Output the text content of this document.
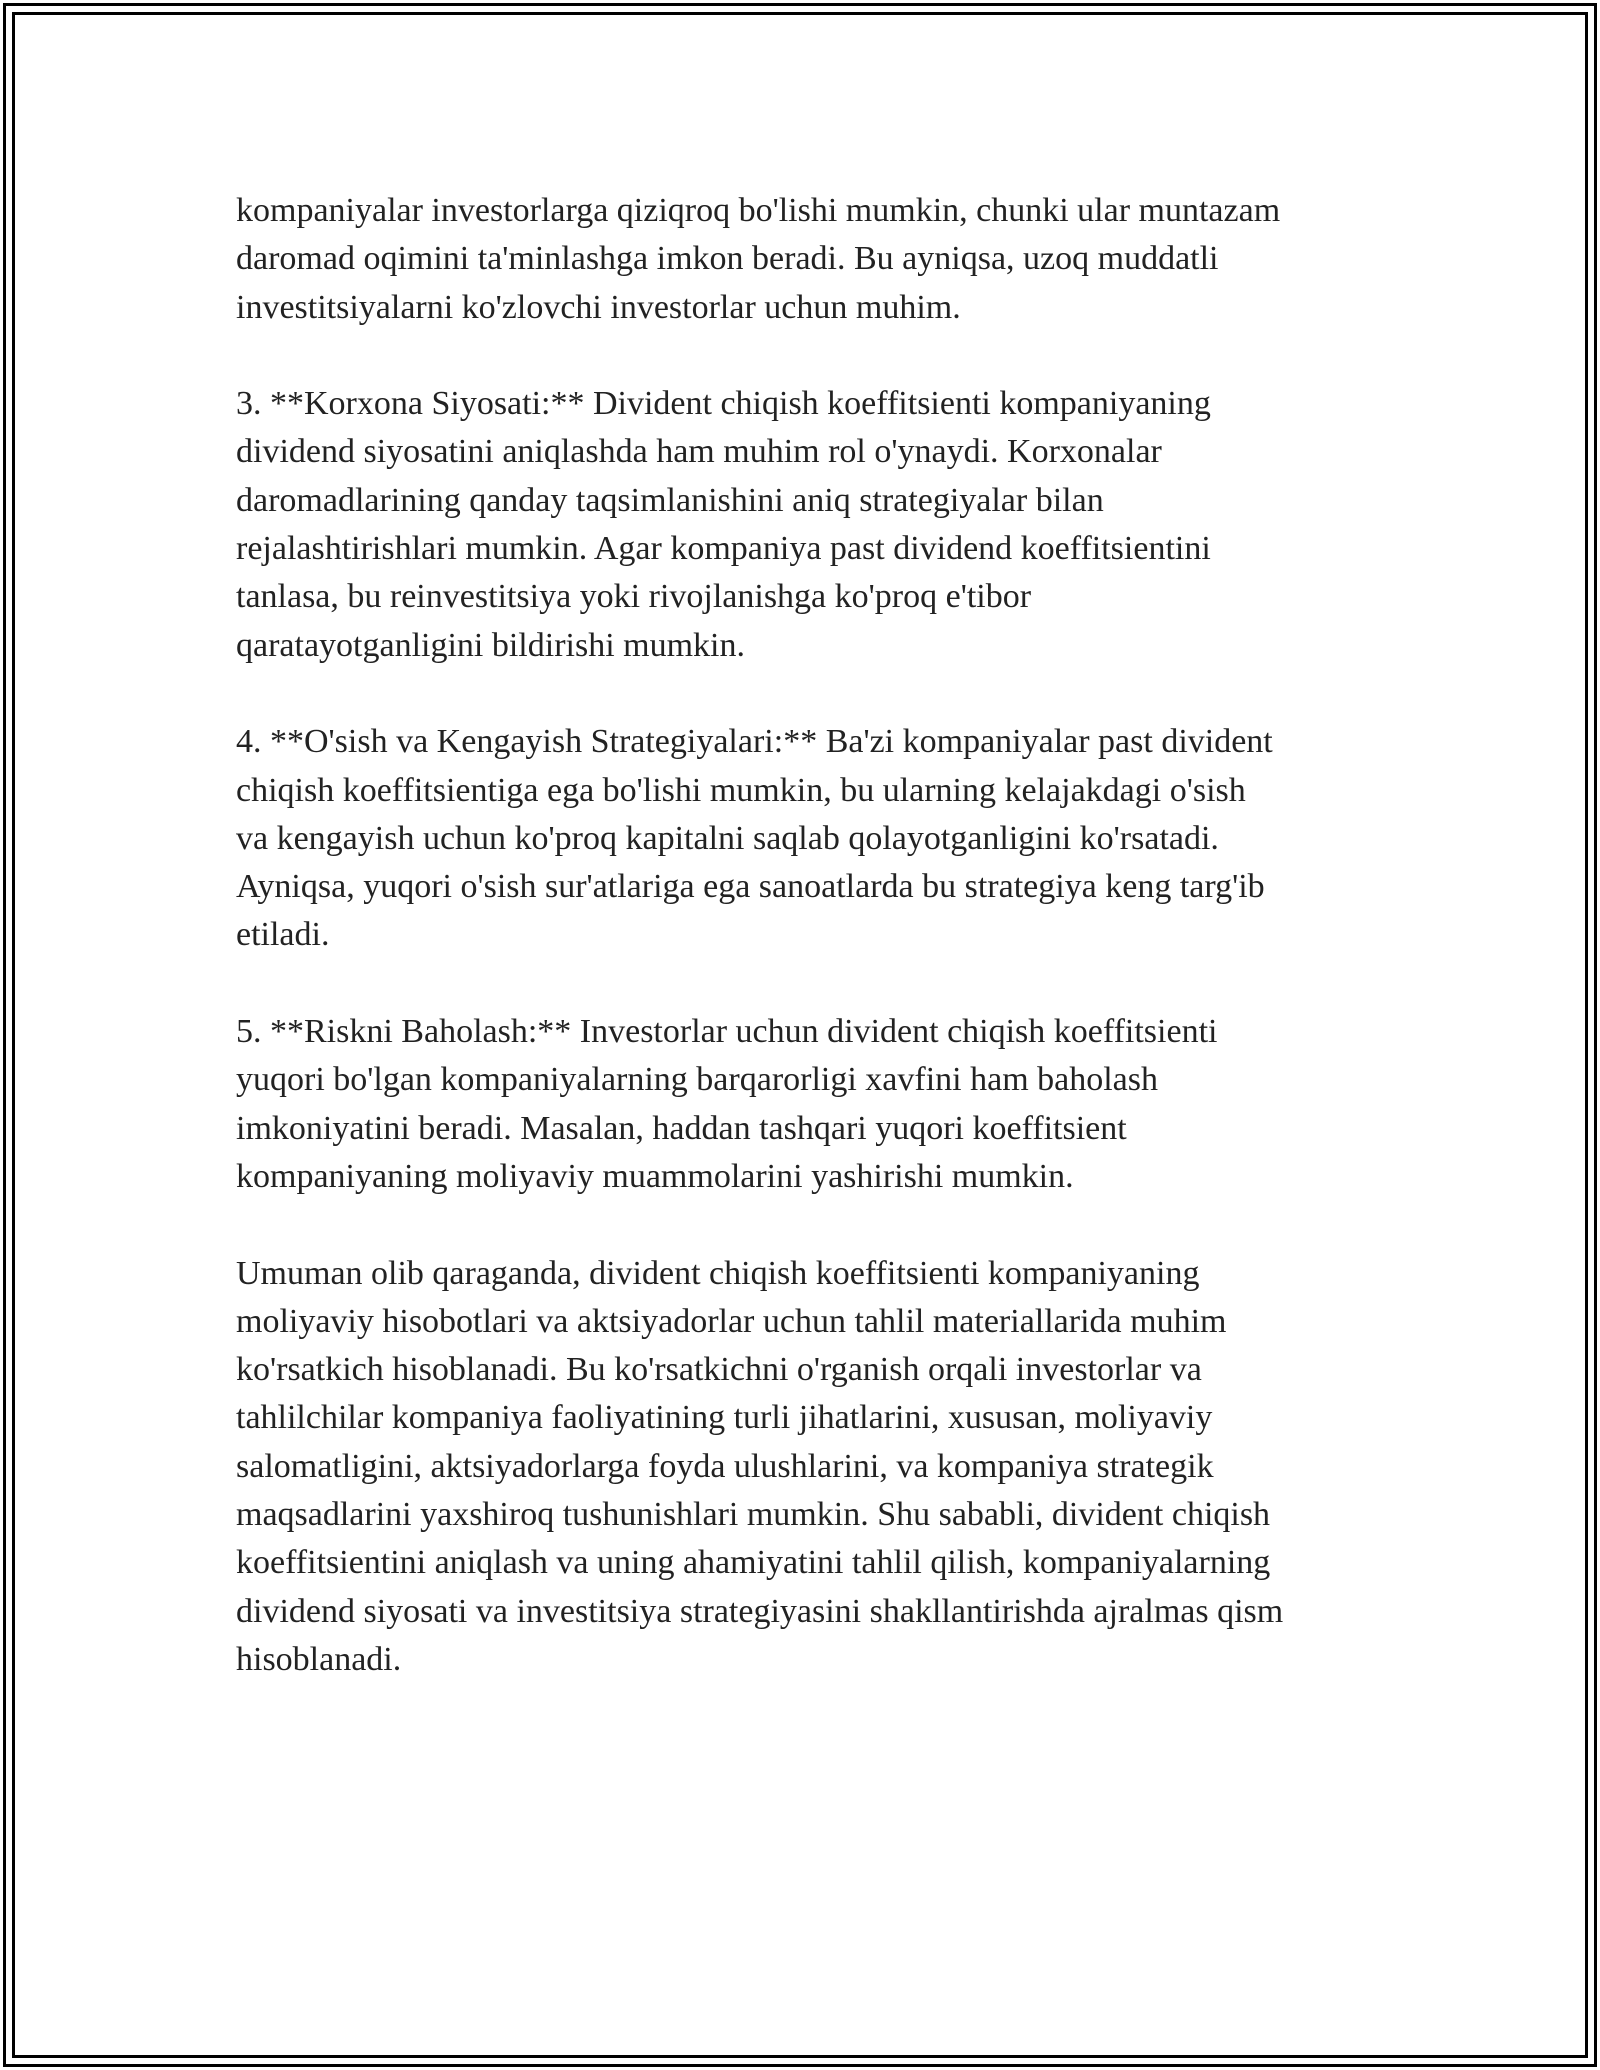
kompaniyalar investorlarga qiziqroq bo'lishi mumkin, chunki ular muntazam
daromad oqimini ta'minlashga imkon beradi. Bu ayniqsa, uzoq muddatli
investitsiyalarni ko'zlovchi investorlar uchun muhim.

3. **Korxona Siyosati:** Divident chiqish koeffitsienti kompaniyaning
dividend siyosatini aniqlashda ham muhim rol o'ynaydi. Korxonalar
daromadlarining qanday taqsimlanishini aniq strategiyalar bilan
rejalashtirishlari mumkin. Agar kompaniya past dividend koeffitsientini
tanlasa, bu reinvestitsiya yoki rivojlanishga ko'proq e'tibor
qaratayotganligini bildirishi mumkin.

4. **O'sish va Kengayish Strategiyalari:** Ba'zi kompaniyalar past divident
chiqish koeffitsientiga ega bo'lishi mumkin, bu ularning kelajakdagi o'sish
va kengayish uchun ko'proq kapitalni saqlab qolayotganligini ko'rsatadi.
Ayniqsa, yuqori o'sish sur'atlariga ega sanoatlarda bu strategiya keng targ'ib
etiladi.

5. **Riskni Baholash:** Investorlar uchun divident chiqish koeffitsienti
yuqori bo'lgan kompaniyalarning barqarorligi xavfini ham baholash
imkoniyatini beradi. Masalan, haddan tashqari yuqori koeffitsient
kompaniyaning moliyaviy muammolarini yashirishi mumkin.

Umuman olib qaraganda, divident chiqish koeffitsienti kompaniyaning
moliyaviy hisobotlari va aktsiyadorlar uchun tahlil materiallarida muhim
ko'rsatkich hisoblanadi. Bu ko'rsatkichni o'rganish orqali investorlar va
tahlilchilar kompaniya faoliyatining turli jihatlarini, xususan, moliyaviy
salomatligini, aktsiyadorlarga foyda ulushlarini, va kompaniya strategik
maqsadlarini yaxshiroq tushunishlari mumkin. Shu sababli, divident chiqish
koeffitsientini aniqlash va uning ahamiyatini tahlil qilish, kompaniyalarning
dividend siyosati va investitsiya strategiyasini shakllantirishda ajralmas qism
hisoblanadi.
